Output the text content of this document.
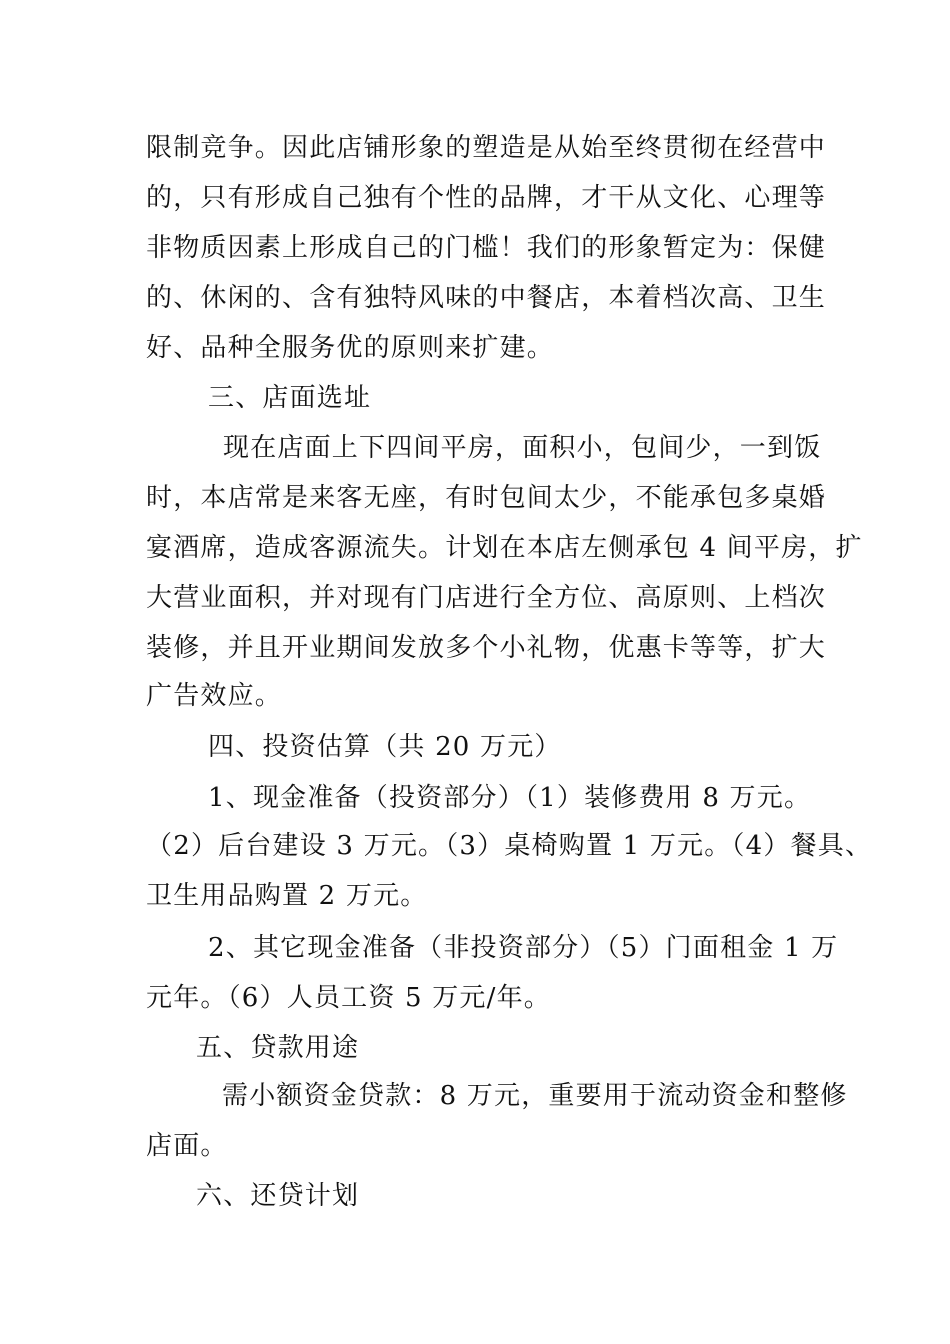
限制竞争。因此店铺形象的塑造是从始至终贯彻在经营中
的，只有形成自己独有个性的品牌，才干从文化、心理等
非物质因素上形成自己的门槛！我们的形象暂定为：保健
的、休闲的、含有独特风味的中餐店，本着档次高、卫生
好、品种全服务优的原则来扩建。
三、店面选址
现在店面上下四间平房，面积小，包间少，一到饭
时，本店常是来客无座，有时包间太少，不能承包多桌婚
宴酒席，造成客源流失。计划在本店左侧承包 4 间平房，扩
大营业面积，并对现有门店进行全方位、高原则、上档次
装修，并且开业期间发放多个小礼物，优惠卡等等，扩大
广告效应。
四、投资估算（共 20 万元）
1、现金准备（投资部分）（1）装修费用 8 万元。
（2）后台建设 3 万元。（3）桌椅购置 1 万元。（4）餐具、
卫生用品购置 2 万元。
2、其它现金准备（非投资部分）（5）门面租金 1 万
元年。（6）人员工资 5 万元/年。
五、贷款用途
需小额资金贷款：8 万元，重要用于流动资金和整修
店面。
六、还贷计划
